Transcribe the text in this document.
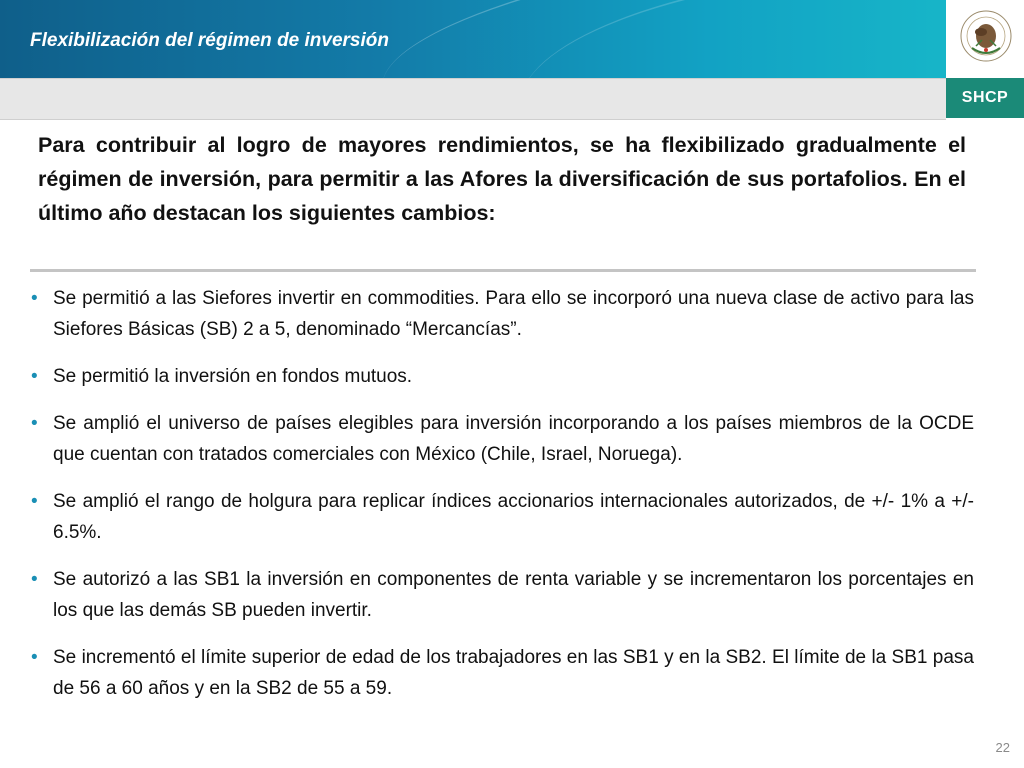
Flexibilización del régimen de inversión
SHCP
Para contribuir al logro de mayores rendimientos, se ha flexibilizado gradualmente el régimen de inversión, para permitir a las Afores la diversificación de sus portafolios. En el último año destacan los siguientes cambios:
• Se permitió a las Siefores invertir en commodities. Para ello se incorporó una nueva clase de activo para las Siefores Básicas (SB) 2 a 5, denominado “Mercancías”.
• Se permitió la inversión en fondos mutuos.
• Se amplió el universo de países elegibles para inversión incorporando a los países miembros de la OCDE que cuentan con tratados comerciales con México (Chile, Israel, Noruega).
• Se amplió el rango de holgura para replicar índices accionarios internacionales autorizados, de +/- 1% a +/- 6.5%.
• Se autorizó a las SB1 la inversión en componentes de renta variable y se incrementaron los porcentajes en los que las demás SB pueden invertir.
• Se incrementó el límite superior de edad de los trabajadores en las SB1 y en la SB2. El límite de la SB1 pasa de 56 a 60 años y en la SB2 de 55 a 59.
22
